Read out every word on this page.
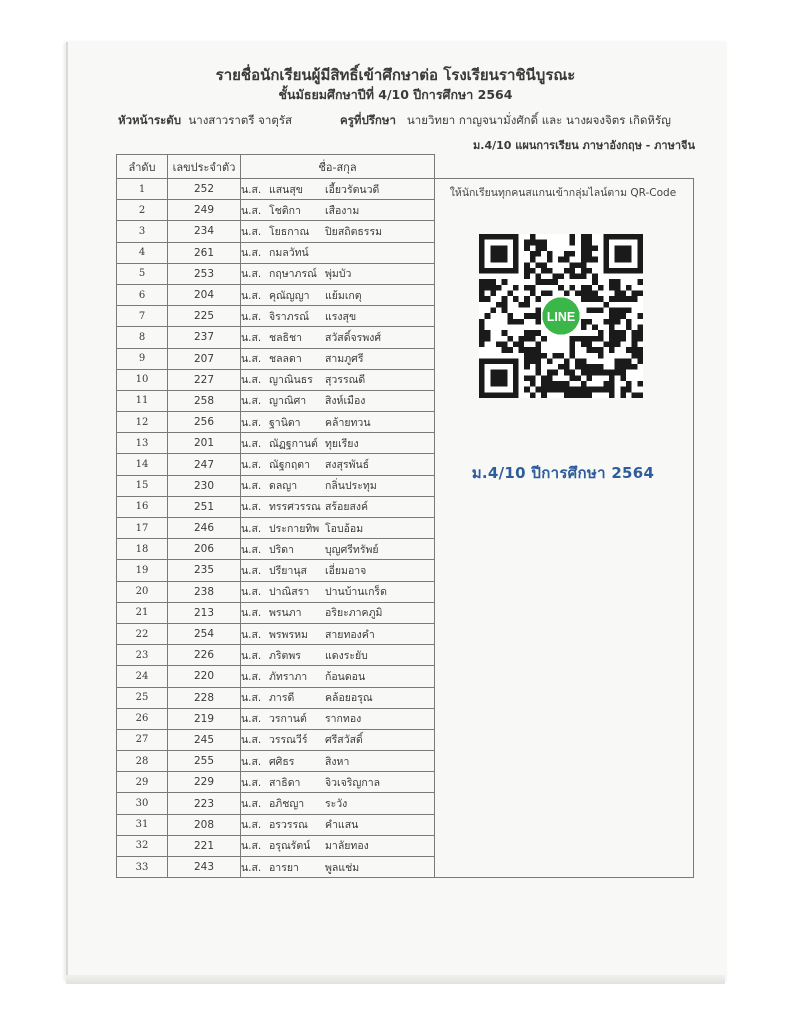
รายชื่อนักเรียนผู้มีสิทธิ์เข้าศึกษาต่อ โรงเรียนราชินีบูรณะ
ชั้นมัธยมศึกษาปีที่ 4/10 ปีการศึกษา 2564
หัวหน้าระดับ นางสาวราตรี จาตุรัส	ครูที่ปรึกษา นายวิทยา กาญจนามั่งศักดิ์ และ นางผจงจิตร เกิดหิรัญ
ม.4/10 แผนการเรียน ภาษาอังกฤษ - ภาษาจีน
ลำดับ	เลขประจำตัว	ชื่อ-สกุล	
1	252	น.ส. แสนสุข เอี้ยวรัตนวดี	
2	249	น.ส. โชติกา เสืองาม	
3	234	น.ส. โยธกาณ ปิยสถิตธรรม	
4	261	น.ส. กมลวัทน์	
5	253	น.ส. กฤษาภรณ์ พุ่มบัว	
6	204	น.ส. คุณัญญา แย้มเกตุ	
7	225	น.ส. จิราภรณ์ แรงสุข	
8	237	น.ส. ชลธิชา สวัสดิ์จรพงศ์	
9	207	น.ส. ชลลดา สามภูศรี	
10	227	น.ส. ญาณินธร สุวรรณดี	
11	258	น.ส. ญาณิศา สิงห์เมือง	
12	256	น.ส. ฐานิดา คล้ายทวน	
13	201	น.ส. ณัฏฐกานต์ ทุยเรียง	
14	247	น.ส. ณัฐกฤตา สงสุรพันธ์	
15	230	น.ส. ดลญา กลิ่นประทุม	
16	251	น.ส. ทรรศวรรณ สร้อยสงค์	
17	246	น.ส. ประกายทิพ โอบอ้อม	
18	206	น.ส. ปริดา บุญศรีทรัพย์	
19	235	น.ส. ปรียานุส เอี่ยมอาจ	
20	238	น.ส. ปาณิสรา ปานบ้านเกร็ด	
21	213	น.ส. พรนภา อริยะภาคภูมิ	
22	254	น.ส. พรพรหม สายทองคำ	
23	226	น.ส. ภริตพร แดงระยับ	
24	220	น.ส. ภัทราภา ก้อนดอน	
25	228	น.ส. ภารดี คล้อยอรุณ	
26	219	น.ส. วรกานต์ รากทอง	
27	245	น.ส. วรรณวีร์ ศรีสวัสดิ์	
28	255	น.ส. ศศิธร สิงหา	
29	229	น.ส. สาธิดา จิวเจริญกาล	
30	223	น.ส. อภิชญา ระวัง	
31	208	น.ส. อรวรรณ คำแสน	
32	221	น.ส. อรุณรัตน์ มาลัยทอง	
33	243	น.ส. อารยา พูลแช่ม	
ให้นักเรียนทุกคนสแกนเข้ากลุ่มไลน์ตาม QR-Code
LINE
ม.4/10 ปีการศึกษา 2564
